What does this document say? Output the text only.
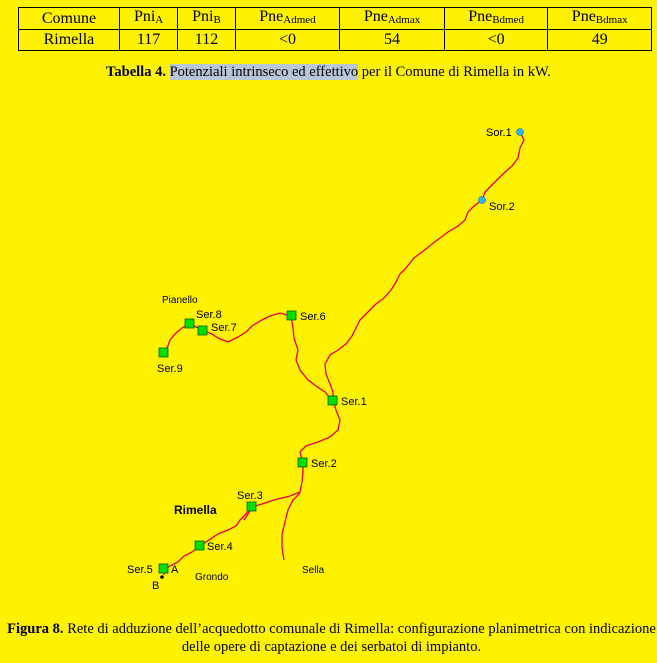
Comune	Pni$_A$	Pni$_B$	Pne$_{Admed}$	Pne$_{Admax}$	Pne$_{Bdmed}$	Pne$_{Bdmax}$
Rimella	117	112	<0	54	<0	49
Tabella 4. Potenziali intrinseco ed effettivo per il Comune di Rimella in kW.
Sor.1
Sor.2
Ser.1
Ser.2
Ser.3
Ser.4
Ser.5
Ser.6
Ser.7
Ser.8
Ser.9
Pianello
Rimella
Grondo
Sella
A
B
Figura 8. Rete di adduzione dell’acquedotto comunale di Rimella: configurazione planimetrica con indicazione delle opere di captazione e dei serbatoi di impianto.
